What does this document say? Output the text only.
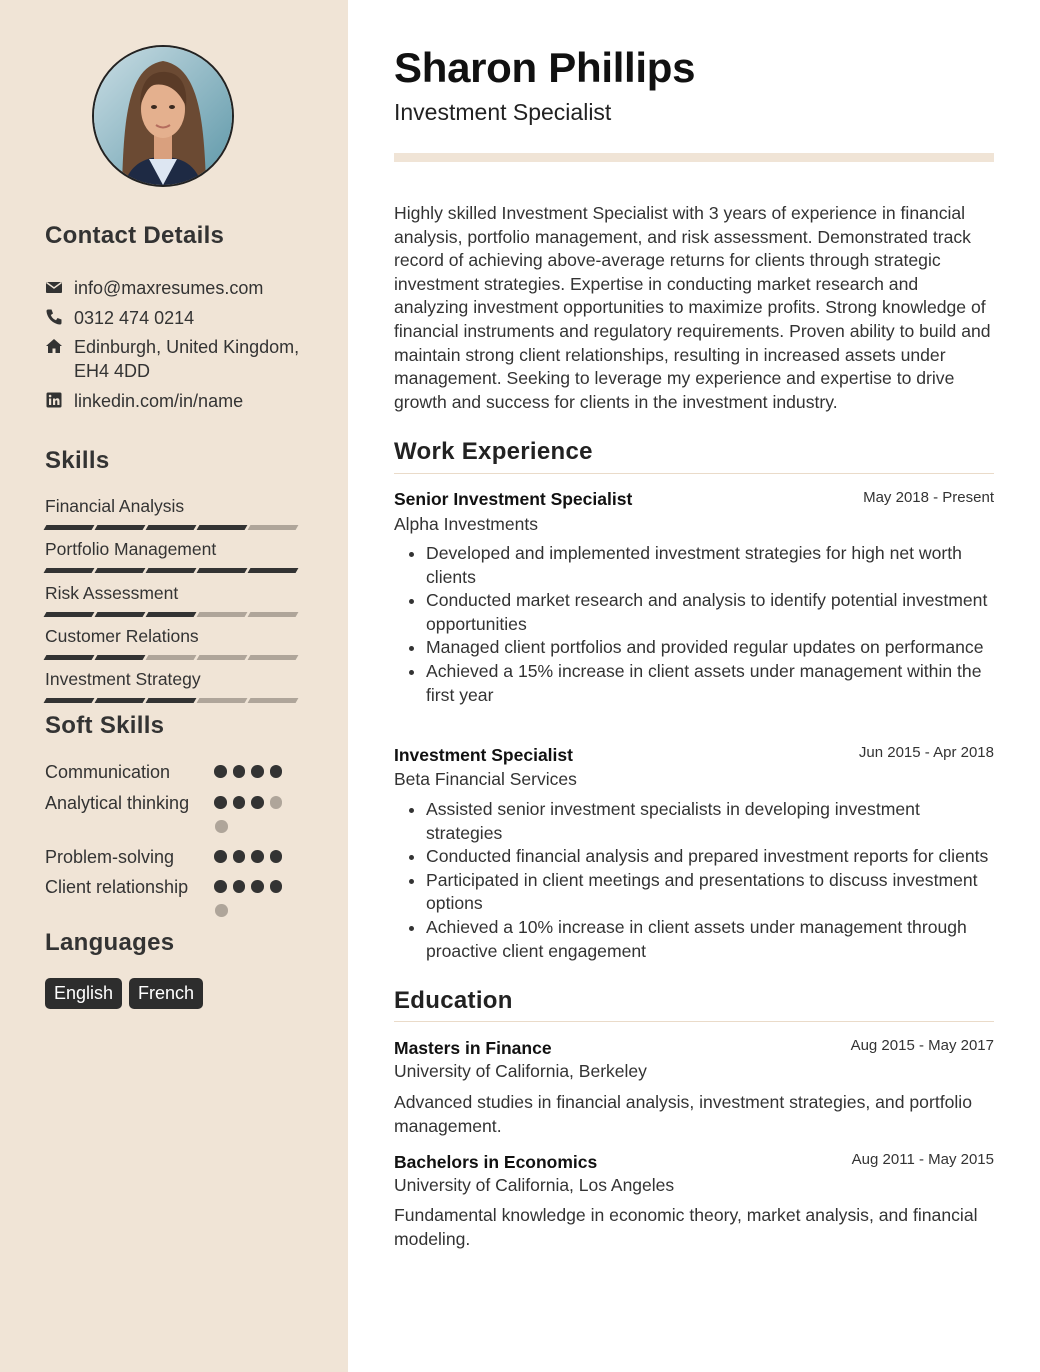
Contact Details
info@maxresumes.com
0312 474 0214
Edinburgh, United Kingdom,
EH4 4DD
linkedin.com/in/name
Skills
Financial Analysis
Portfolio Management
Risk Assessment
Customer Relations
Investment Strategy
Soft Skills
Communication
Analytical thinking
Problem-solving
Client relationship
Languages
English	French
Sharon Phillips
Investment Specialist

Highly skilled Investment Specialist with 3 years of experience in financial analysis, portfolio management, and risk assessment. Demonstrated track record of achieving above-average returns for clients through strategic investment strategies. Expertise in conducting market research and analyzing investment opportunities to maximize profits. Strong knowledge of financial instruments and regulatory requirements. Proven ability to build and maintain strong client relationships, resulting in increased assets under management. Seeking to leverage my experience and expertise to drive growth and success for clients in the investment industry.

Work Experience
Senior Investment Specialist	May 2018 - Present
Alpha Investments
• Developed and implemented investment strategies for high net worth clients
• Conducted market research and analysis to identify potential investment opportunities
• Managed client portfolios and provided regular updates on performance
• Achieved a 15% increase in client assets under management within the first year
Investment Specialist	Jun 2015 - Apr 2018
Beta Financial Services
• Assisted senior investment specialists in developing investment strategies
• Conducted financial analysis and prepared investment reports for clients
• Participated in client meetings and presentations to discuss investment options
• Achieved a 10% increase in client assets under management through proactive client engagement
Education
Masters in Finance	Aug 2015 - May 2017
University of California, Berkeley

Advanced studies in financial analysis, investment strategies, and portfolio management.

Bachelors in Economics	Aug 2011 - May 2015
University of California, Los Angeles

Fundamental knowledge in economic theory, market analysis, and financial modeling.
